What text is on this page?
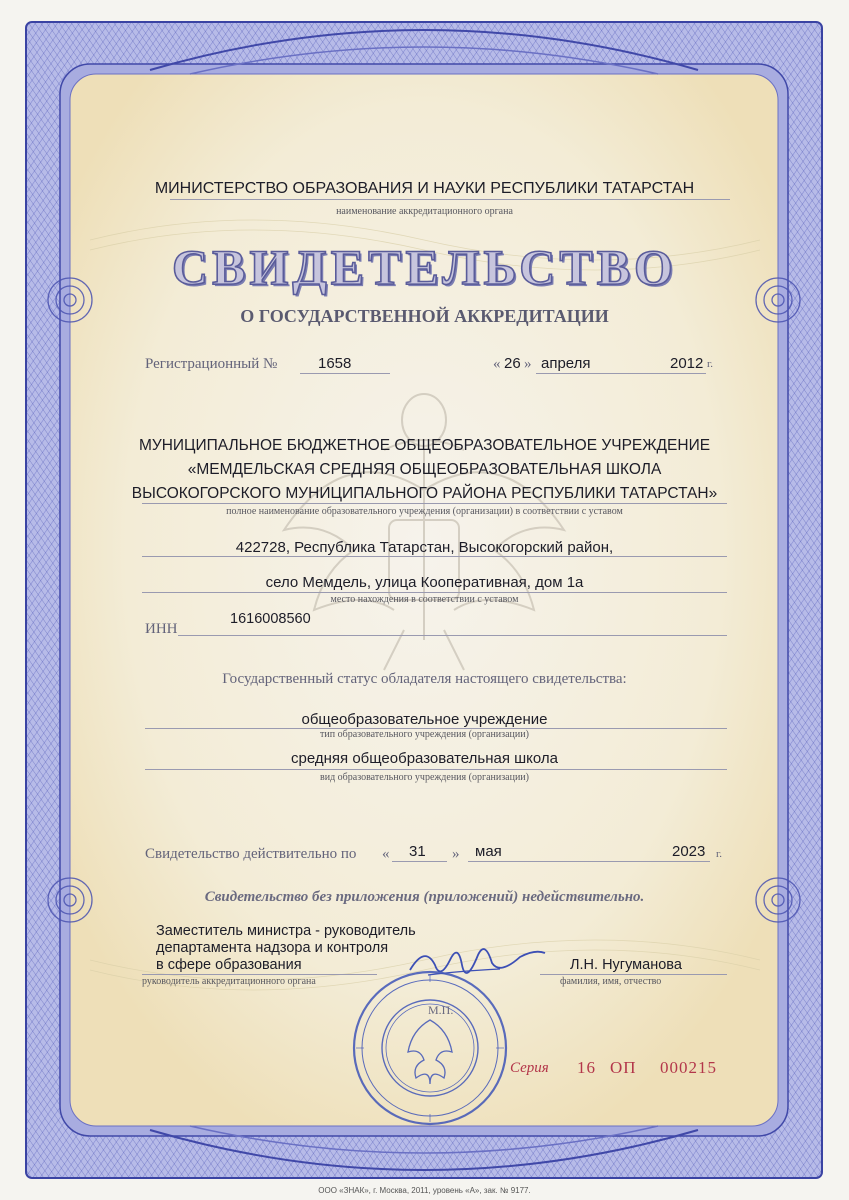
МИНИСТЕРСТВО ОБРАЗОВАНИЯ И НАУКИ РЕСПУБЛИКИ ТАТАРСТАН
наименование аккредитационного органа
СВИДЕТЕЛЬСТВО
О ГОСУДАРСТВЕННОЙ АККРЕДИТАЦИИ
Регистрационный №	1658	« 26 » апреля	2012 г.
МУНИЦИПАЛЬНОЕ БЮДЖЕТНОЕ ОБЩЕОБРАЗОВАТЕЛЬНОЕ УЧРЕЖДЕНИЕ
«МЕМДЕЛЬСКАЯ СРЕДНЯЯ ОБЩЕОБРАЗОВАТЕЛЬНАЯ ШКОЛА
ВЫСОКОГОРСКОГО МУНИЦИПАЛЬНОГО РАЙОНА РЕСПУБЛИКИ ТАТАРСТАН»
полное наименование образовательного учреждения (организации) в соответствии с уставом
422728, Республика Татарстан, Высокогорский район,
село Мемдель, улица Кооперативная, дом 1а
место нахождения в соответствии с уставом
ИНН
1616008560
Государственный статус обладателя настоящего свидетельства:
общеобразовательное учреждение
тип образовательного учреждения (организации)
средняя общеобразовательная школа
вид образовательного учреждения (организации)
Свидетельство действительно по « 31 » мая	2023 г.
Свидетельство без приложения (приложений) недействительно.
Заместитель министра - руководитель
департамента надзора и контроля
в сфере образования
руководитель аккредитационного органа
Л.Н. Нугуманова
фамилия, имя, отчество
М.П.
Серия 16 ОП 000215
ООО «ЗНАК», г. Москва, 2011, уровень «А», зак. № 9177.
